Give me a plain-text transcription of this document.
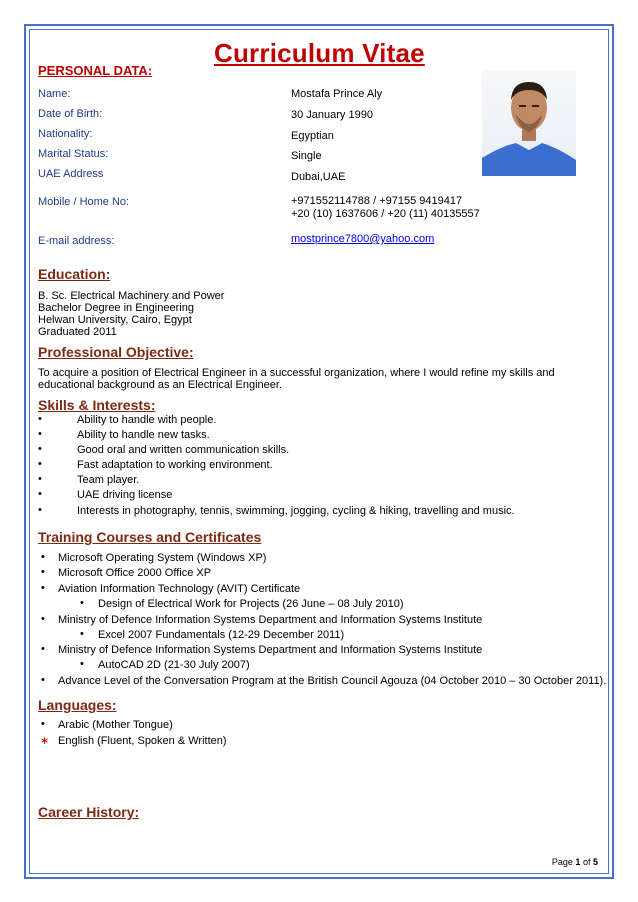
Curriculum Vitae
PERSONAL DATA:
Name:	Mostafa Prince Aly
Date of Birth:	30 January 1990
Nationality:	Egyptian
Marital Status:	Single
UAE Address	Dubai,UAE
Mobile / Home No:	+971552114788 / +97155 9419417
+20 (10) 1637606 / +20 (11) 40135557
E-mail address:	mostprince7800@yahoo.com
Education:
B. Sc. Electrical Machinery and Power
Bachelor Degree in Engineering
Helwan University, Cairo, Egypt
Graduated 2011
Professional Objective:
To acquire a position of Electrical Engineer in a successful organization, where I would refine my skills and
educational background as an Electrical Engineer.
Skills & Interests:
•	Ability to handle with people.
•	Ability to handle new tasks.
•	Good oral and written communication skills.
•	Fast adaptation to working environment.
•	Team player.
•	UAE driving license
•	Interests in photography, tennis, swimming, jogging, cycling & hiking, travelling and music.
Training Courses and Certificates
• Microsoft Operating System (Windows XP)
• Microsoft Office 2000 Office XP
• Aviation Information Technology (AVIT) Certificate
• Design of Electrical Work for Projects (26 June – 08 July 2010)
• Ministry of Defence Information Systems Department and Information Systems Institute
• Excel 2007 Fundamentals (12-29 December 2011)
• Ministry of Defence Information Systems Department and Information Systems Institute
• AutoCAD 2D (21-30 July 2007)
• Advance Level of the Conversation Program at the British Council Agouza (04 October 2010 – 30 October 2011).
Languages:
• Arabic (Mother Tongue)
∗ English (Fluent, Spoken & Written)
Career History:
Page 1 of 5
